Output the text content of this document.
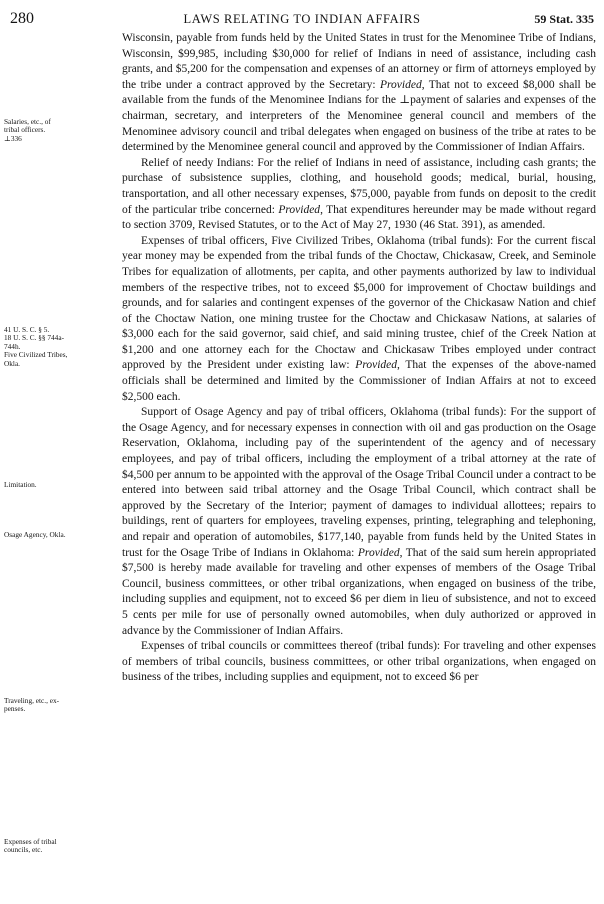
280	LAWS RELATING TO INDIAN AFFAIRS	59 Stat. 335
Salaries, etc., of
tribal officers.
⊥336
41 U. S. C. § 5.
18 U. S. C. §§ 744a-
744h.
Five Civilized Tribes,
Okla.
Limitation.
Osage Agency, Okla.
Traveling, etc., ex-
penses.
Expenses of tribal
councils, etc.

Wisconsin, payable from funds held by the United States in trust for the Menominee Tribe of Indians, Wisconsin, $99,985, including $30,000 for relief of Indians in need of assistance, including cash grants, and $5,200 for the compensation and expenses of an attorney or firm of attorneys employed by the tribe under a contract approved by the Secretary: Provided, That not to exceed $8,000 shall be available from the funds of the Menominee Indians for the ⊥payment of salaries and expenses of the chairman, secretary, and interpreters of the Menominee general council and members of the Menominee advisory council and tribal delegates when engaged on business of the tribe at rates to be determined by the Menominee general council and approved by the Commissioner of Indian Affairs.

Relief of needy Indians: For the relief of Indians in need of assistance, including cash grants; the purchase of subsistence supplies, clothing, and household goods; medical, burial, housing, transportation, and all other necessary expenses, $75,000, payable from funds on deposit to the credit of the particular tribe concerned: Provided, That expenditures hereunder may be made without regard to section 3709, Revised Statutes, or to the Act of May 27, 1930 (46 Stat. 391), as amended.

Expenses of tribal officers, Five Civilized Tribes, Oklahoma (tribal funds): For the current fiscal year money may be expended from the tribal funds of the Choctaw, Chickasaw, Creek, and Seminole Tribes for equalization of allotments, per capita, and other payments authorized by law to individual members of the respective tribes, not to exceed $5,000 for improvement of Choctaw buildings and grounds, and for salaries and contingent expenses of the governor of the Chickasaw Nation and chief of the Choctaw Nation, one mining trustee for the Choctaw and Chickasaw Nations, at salaries of $3,000 each for the said governor, said chief, and said mining trustee, chief of the Creek Nation at $1,200 and one attorney each for the Choctaw and Chickasaw Tribes employed under contract approved by the President under existing law: Provided, That the expenses of the above-named officials shall be determined and limited by the Commissioner of Indian Affairs at not to exceed $2,500 each.

Support of Osage Agency and pay of tribal officers, Oklahoma (tribal funds): For the support of the Osage Agency, and for necessary expenses in connection with oil and gas production on the Osage Reservation, Oklahoma, including pay of the superintendent of the agency and of necessary employees, and pay of tribal officers, including the employment of a tribal attorney at the rate of $4,500 per annum to be appointed with the approval of the Osage Tribal Council under a contract to be entered into between said tribal attorney and the Osage Tribal Council, which contract shall be approved by the Secretary of the Interior; payment of damages to individual allottees; repairs to buildings, rent of quarters for employees, traveling expenses, printing, telegraphing and telephoning, and repair and operation of automobiles, $177,140, payable from funds held by the United States in trust for the Osage Tribe of Indians in Oklahoma: Provided, That of the said sum herein appropriated $7,500 is hereby made available for traveling and other expenses of members of the Osage Tribal Council, business committees, or other tribal organizations, when engaged on business of the tribe, including supplies and equipment, not to exceed $6 per diem in lieu of subsistence, and not to exceed 5 cents per mile for use of personally owned automobiles, when duly authorized or approved in advance by the Commissioner of Indian Affairs.

Expenses of tribal councils or committees thereof (tribal funds): For traveling and other expenses of members of tribal councils, business committees, or other tribal organizations, when engaged on business of the tribes, including supplies and equipment, not to exceed $6 per
